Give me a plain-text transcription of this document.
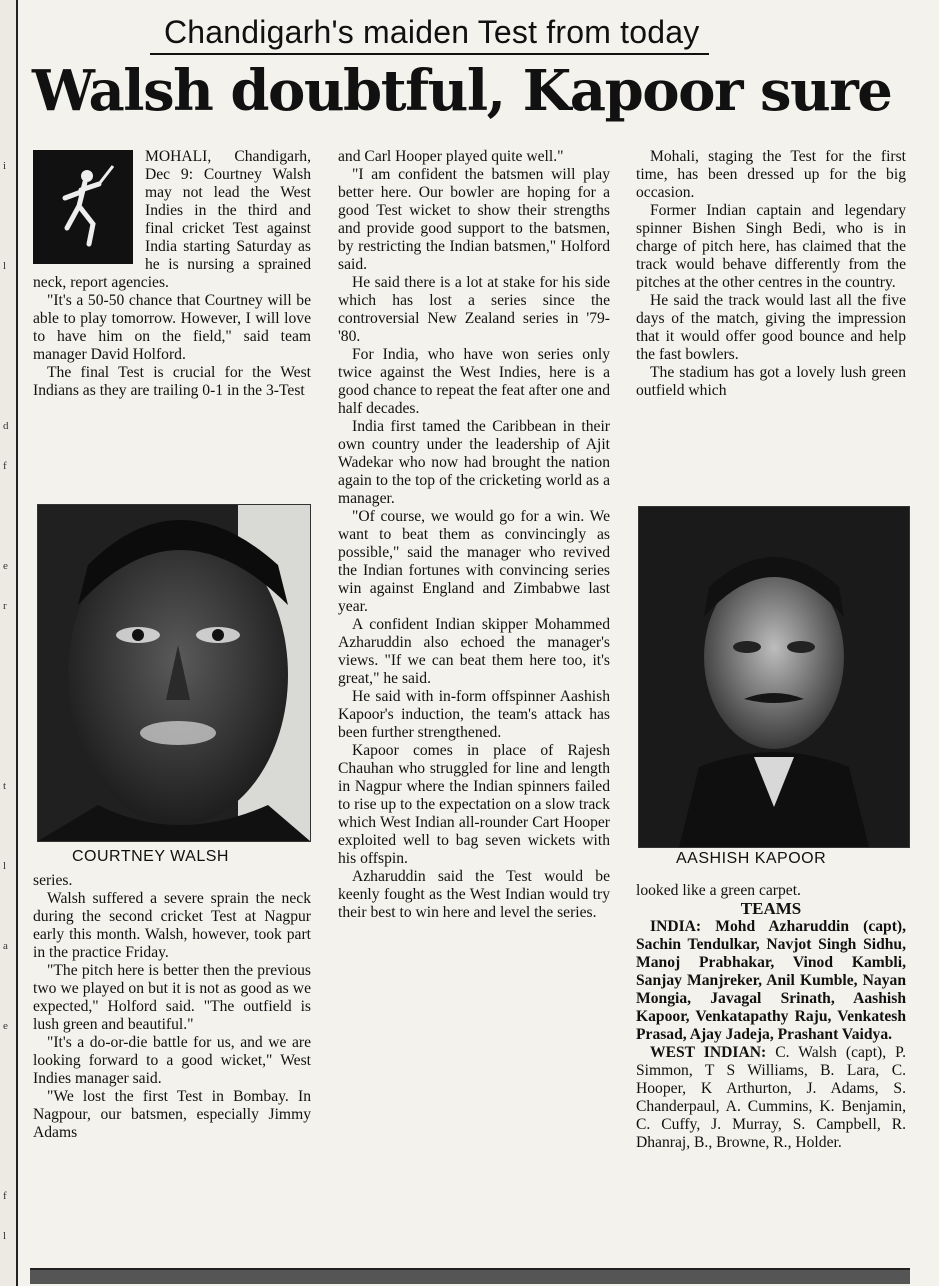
i
l
d
f
e
r
t
l
a
e
f
l
Chandigarh's maiden Test from today
Walsh doubtful, Kapoor sure

MOHALI, Chandigarh, Dec 9: Courtney Walsh may not lead the West Indies in the third and final cricket Test against India starting Saturday as he is nursing a sprained neck, report agencies.

"It's a 50-50 chance that Courtney will be able to play tomorrow. However, I will love to have him on the field," said team manager David Holford.

The final Test is crucial for the West Indians as they are trailing 0-1 in the 3-Test

COURTNEY WALSH

series.

Walsh suffered a severe sprain the neck during the second cricket Test at Nagpur early this month. Walsh, however, took part in the practice Friday.

"The pitch here is better then the previous two we played on but it is not as good as we expected," Holford said. "The outfield is lush green and beautiful."

"It's a do-or-die battle for us, and we are looking forward to a good wicket," West Indies manager said.

"We lost the first Test in Bombay. In Nagpour, our batsmen, especially Jimmy Adams

and Carl Hooper played quite well."

"I am confident the batsmen will play better here. Our bowler are hoping for a good Test wicket to show their strengths and provide good support to the batsmen, by restricting the Indian batsmen," Holford said.

He said there is a lot at stake for his side which has lost a series since the controversial New Zealand series in '79-'80.

For India, who have won series only twice against the West Indies, here is a good chance to repeat the feat after one and half decades.

India first tamed the Caribbean in their own country under the leadership of Ajit Wadekar who now had brought the nation again to the top of the cricketing world as a manager.

"Of course, we would go for a win. We want to beat them as convincingly as possible," said the manager who revived the Indian fortunes with convincing series win against England and Zimbabwe last year.

A confident Indian skipper Mohammed Azharuddin also echoed the manager's views. "If we can beat them here too, it's great," he said.

He said with in-form offspinner Aashish Kapoor's induction, the team's attack has been further strengthened.

Kapoor comes in place of Rajesh Chauhan who struggled for line and length in Nagpur where the Indian spinners failed to rise up to the expectation on a slow track which West Indian all-rounder Cart Hooper exploited well to bag seven wickets with his offspin.

Azharuddin said the Test would be keenly fought as the West Indian would try their best to win here and level the series.

Mohali, staging the Test for the first time, has been dressed up for the big occasion.

Former Indian captain and legendary spinner Bishen Singh Bedi, who is in charge of pitch here, has claimed that the track would behave differently from the pitches at the other centres in the country.

He said the track would last all the five days of the match, giving the impression that it would offer good bounce and help the fast bowlers.

The stadium has got a lovely lush green outfield which

AASHISH KAPOOR

looked like a green carpet.

TEAMS

INDIA: Mohd Azharuddin (capt), Sachin Tendulkar, Navjot Singh Sidhu, Manoj Prabhakar, Vinod Kambli, Sanjay Manjreker, Anil Kumble, Nayan Mongia, Javagal Srinath, Aashish Kapoor, Venkatapathy Raju, Venkatesh Prasad, Ajay Jadeja, Prashant Vaidya.

WEST INDIAN: C. Walsh (capt), P. Simmon, T S Williams, B. Lara, C. Hooper, K Arthurton, J. Adams, S. Chanderpaul, A. Cummins, K. Benjamin, C. Cuffy, J. Murray, S. Campbell, R. Dhanraj, B., Browne, R., Holder.
